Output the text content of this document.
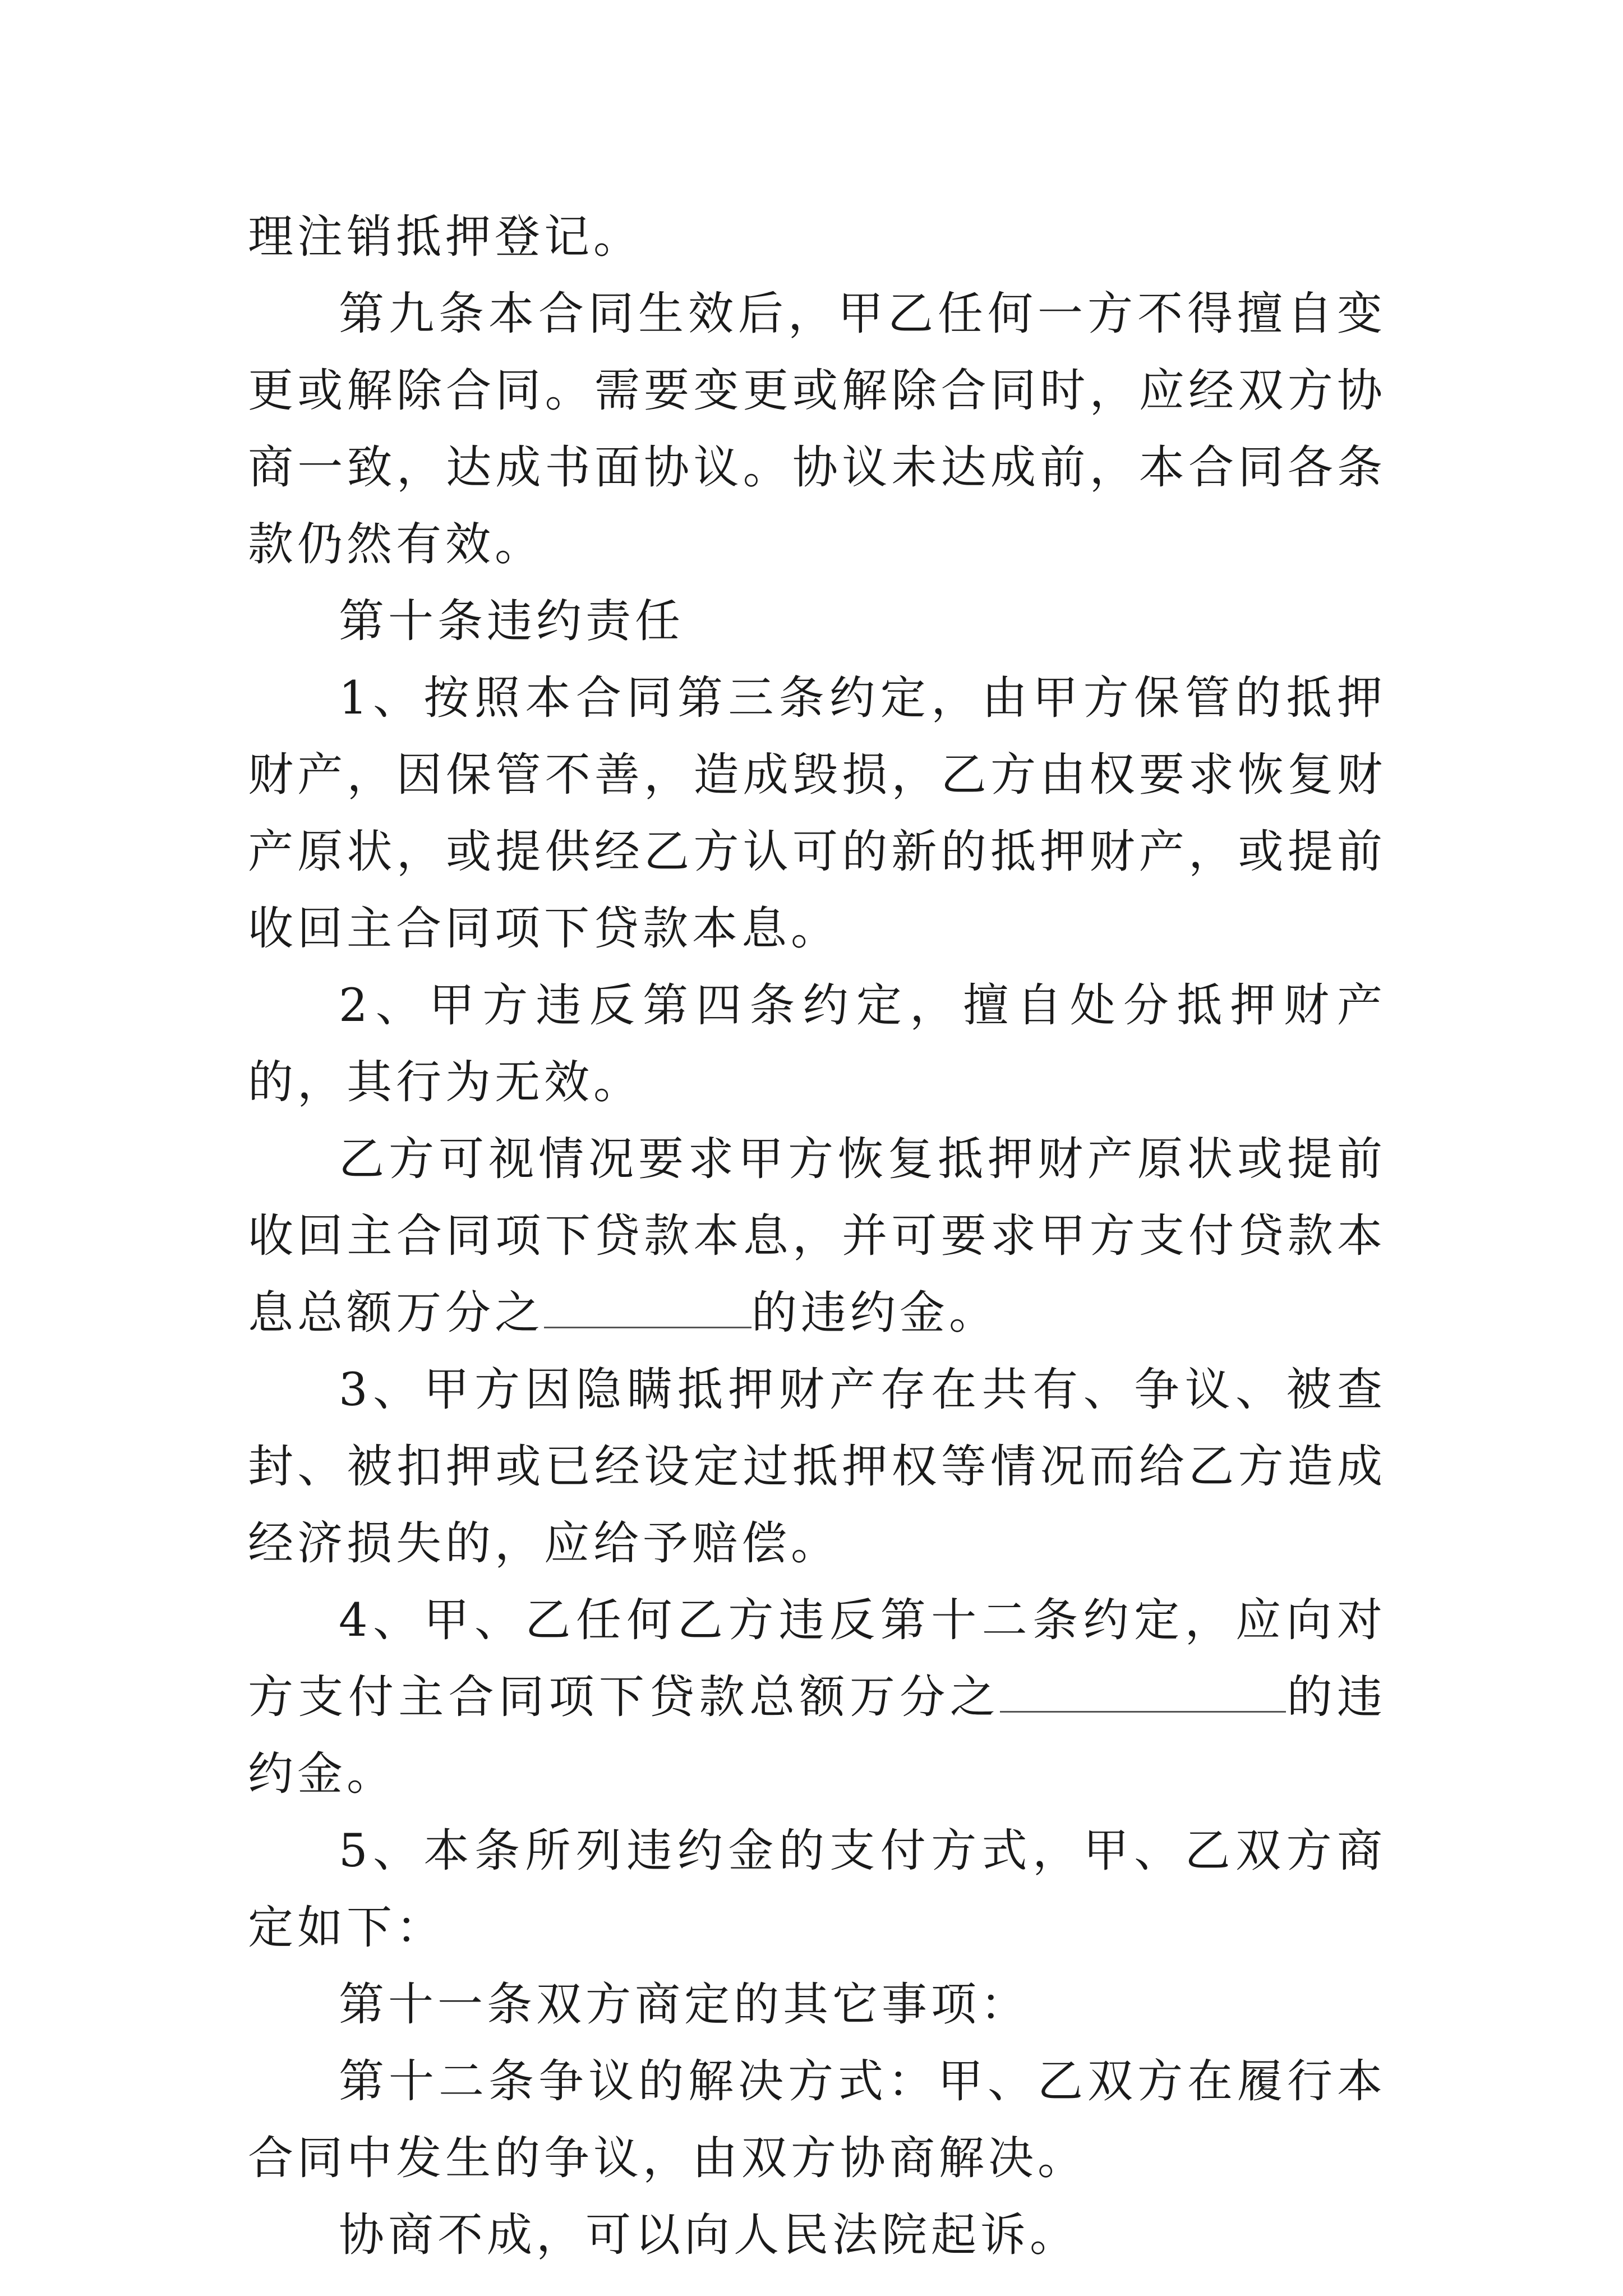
理注销抵押登记。

第九条本合同生效后，甲乙任何一方不得擅自变更或解除合同。需要变更或解除合同时，应经双方协商一致，达成书面协议。协议未达成前，本合同各条款仍然有效。

第十条违约责任

1、按照本合同第三条约定，由甲方保管的抵押财产，因保管不善，造成毁损，乙方由权要求恢复财产原状，或提供经乙方认可的新的抵押财产，或提前收回主合同项下贷款本息。

2、甲方违反第四条约定，擅自处分抵押财产的，其行为无效。

乙方可视情况要求甲方恢复抵押财产原状或提前收回主合同项下贷款本息，并可要求甲方支付贷款本息总额万分之	的违约金。

3、甲方因隐瞒抵押财产存在共有、争议、被查封、被扣押或已经设定过抵押权等情况而给乙方造成经济损失的，应给予赔偿。

4、甲、乙任何乙方违反第十二条约定，应向对方支付主合同项下贷款总额万分之	的违约金。

5、本条所列违约金的支付方式，甲、乙双方商定如下：

第十一条双方商定的其它事项：

第十二条争议的解决方式：甲、乙双方在履行本合同中发生的争议，由双方协商解决。

协商不成，可以向人民法院起诉。
